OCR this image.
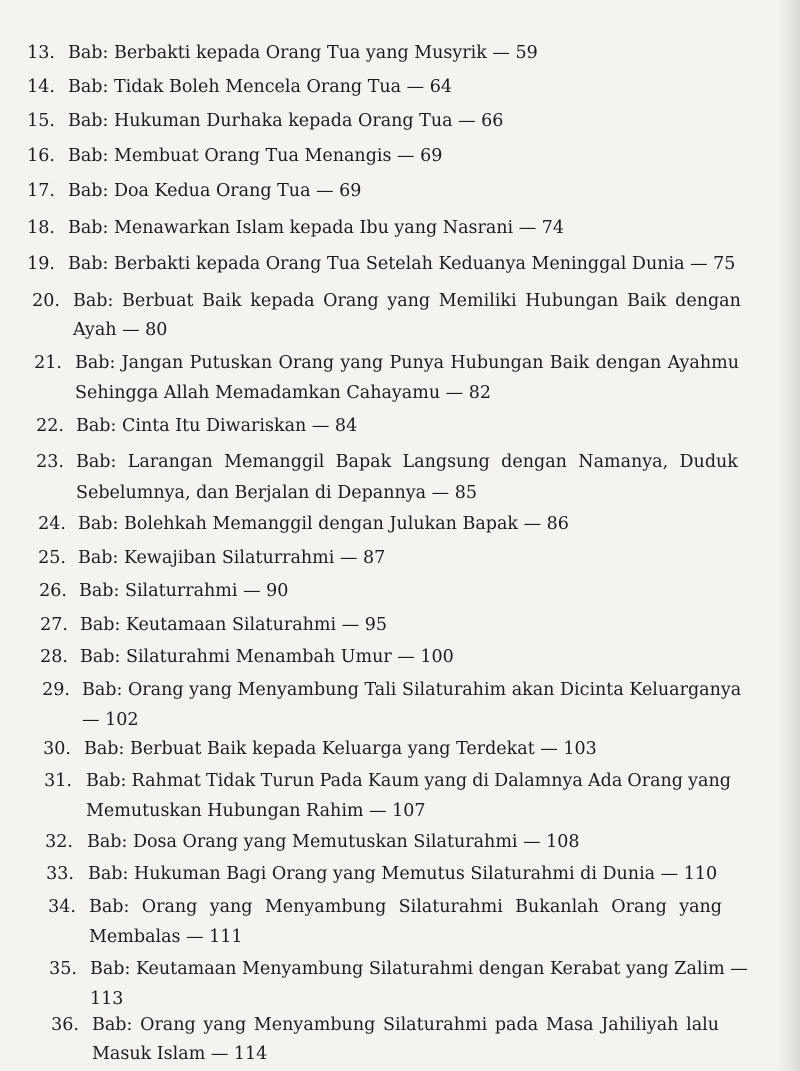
13. Bab: Berbakti kepada Orang Tua yang Musyrik — 59
14. Bab: Tidak Boleh Mencela Orang Tua — 64
15. Bab: Hukuman Durhaka kepada Orang Tua — 66
16. Bab: Membuat Orang Tua Menangis — 69
17. Bab: Doa Kedua Orang Tua — 69
18. Bab: Menawarkan Islam kepada Ibu yang Nasrani — 74
19. Bab: Berbakti kepada Orang Tua Setelah Keduanya Meninggal Dunia — 75
20. Bab: Berbuat Baik kepada Orang yang Memiliki Hubungan Baik dengan
Ayah — 80
21. Bab: Jangan Putuskan Orang yang Punya Hubungan Baik dengan Ayahmu
Sehingga Allah Memadamkan Cahayamu — 82
22. Bab: Cinta Itu Diwariskan — 84
23. Bab: Larangan Memanggil Bapak Langsung dengan Namanya, Duduk
Sebelumnya, dan Berjalan di Depannya — 85
24. Bab: Bolehkah Memanggil dengan Julukan Bapak — 86
25. Bab: Kewajiban Silaturrahmi — 87
26. Bab: Silaturrahmi — 90
27. Bab: Keutamaan Silaturahmi — 95
28. Bab: Silaturahmi Menambah Umur — 100
29. Bab: Orang yang Menyambung Tali Silaturahim akan Dicinta Keluarganya
— 102
30. Bab: Berbuat Baik kepada Keluarga yang Terdekat — 103
31. Bab: Rahmat Tidak Turun Pada Kaum yang di Dalamnya Ada Orang yang
Memutuskan Hubungan Rahim — 107
32. Bab: Dosa Orang yang Memutuskan Silaturahmi — 108
33. Bab: Hukuman Bagi Orang yang Memutus Silaturahmi di Dunia — 110
34. Bab: Orang yang Menyambung Silaturahmi Bukanlah Orang yang
Membalas — 111
35. Bab: Keutamaan Menyambung Silaturahmi dengan Kerabat yang Zalim —
113
36. Bab: Orang yang Menyambung Silaturahmi pada Masa Jahiliyah lalu
Masuk Islam — 114
